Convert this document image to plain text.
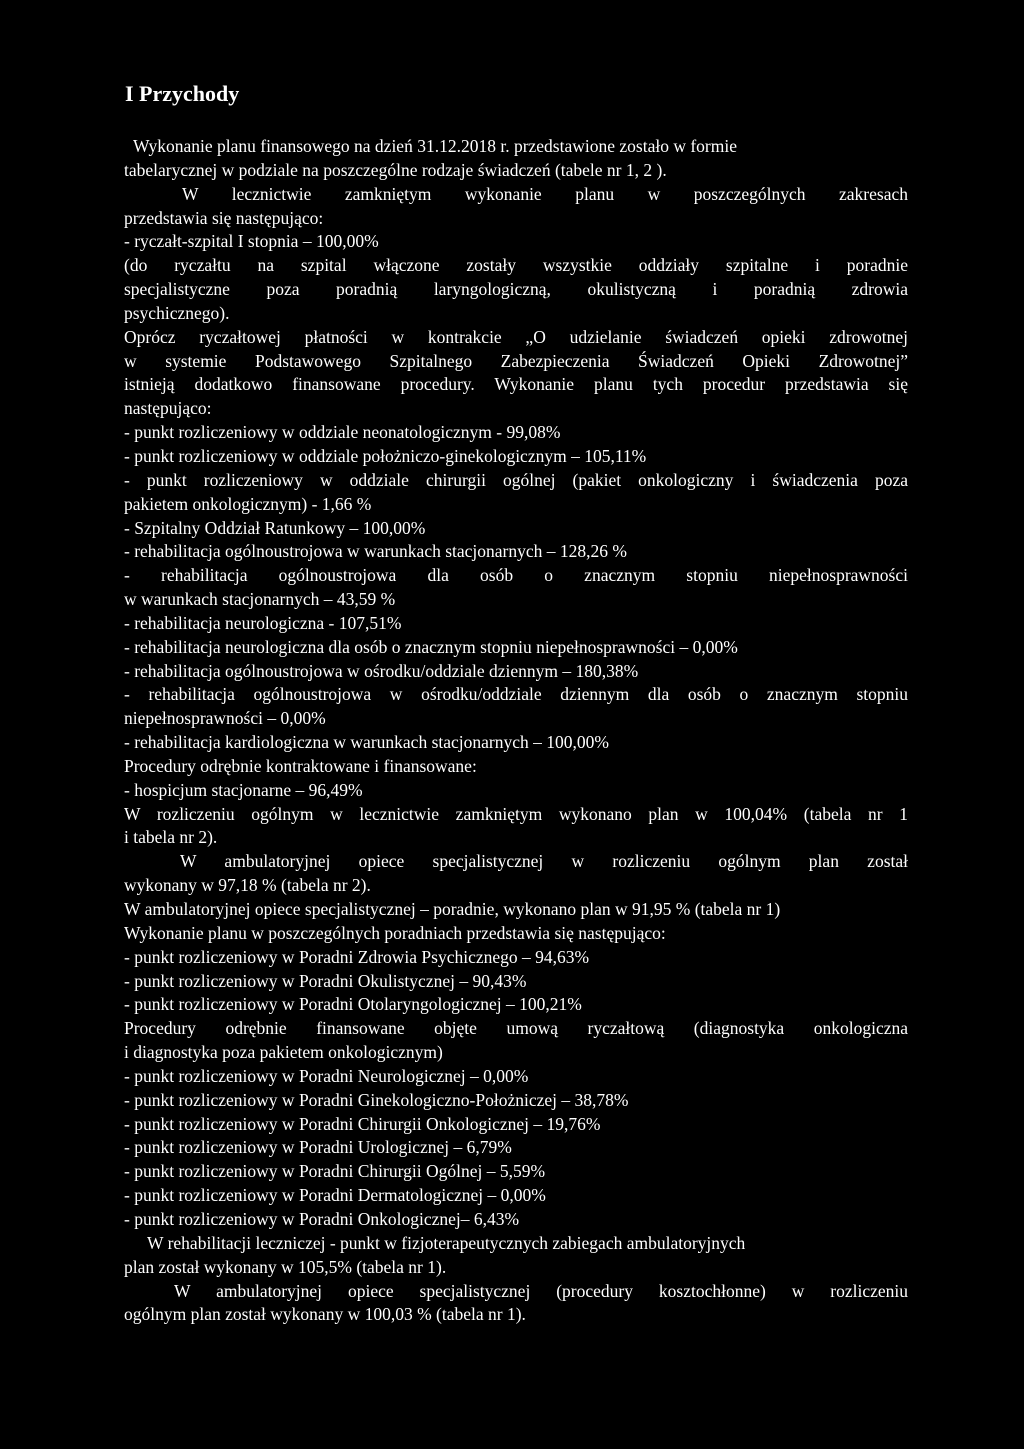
I Przychody
Wykonanie planu finansowego na dzień 31.12.2018 r. przedstawione zostało w formie
tabelarycznej w podziale na poszczególne rodzaje świadczeń (tabele nr 1, 2 ).
W lecznictwie zamkniętym wykonanie planu w poszczególnych zakresach
przedstawia się następująco:
- ryczałt-szpital I stopnia – 100,00%
(do ryczałtu na szpital włączone zostały wszystkie oddziały szpitalne i poradnie
specjalistyczne poza poradnią laryngologiczną, okulistyczną i poradnią zdrowia
psychicznego).
Oprócz ryczałtowej płatności w kontrakcie „O udzielanie świadczeń opieki zdrowotnej
w systemie Podstawowego Szpitalnego Zabezpieczenia Świadczeń Opieki Zdrowotnej”
istnieją dodatkowo finansowane procedury. Wykonanie planu tych procedur przedstawia się
następująco:
- punkt rozliczeniowy w oddziale neonatologicznym - 99,08%
- punkt rozliczeniowy w oddziale położniczo-ginekologicznym – 105,11%
- punkt rozliczeniowy w oddziale chirurgii ogólnej (pakiet onkologiczny i świadczenia poza
pakietem onkologicznym) - 1,66 %
- Szpitalny Oddział Ratunkowy – 100,00%
- rehabilitacja ogólnoustrojowa w warunkach stacjonarnych – 128,26 %
- rehabilitacja ogólnoustrojowa dla osób o znacznym stopniu niepełnosprawności
w warunkach stacjonarnych – 43,59 %
- rehabilitacja neurologiczna - 107,51%
- rehabilitacja neurologiczna dla osób o znacznym stopniu niepełnosprawności – 0,00%
- rehabilitacja ogólnoustrojowa w ośrodku/oddziale dziennym – 180,38%
- rehabilitacja ogólnoustrojowa w ośrodku/oddziale dziennym dla osób o znacznym stopniu
niepełnosprawności – 0,00%
- rehabilitacja kardiologiczna w warunkach stacjonarnych – 100,00%
Procedury odrębnie kontraktowane i finansowane:
- hospicjum stacjonarne – 96,49%
W rozliczeniu ogólnym w lecznictwie zamkniętym wykonano plan w 100,04% (tabela nr 1
i tabela nr 2).
W ambulatoryjnej opiece specjalistycznej w rozliczeniu ogólnym plan został
wykonany w 97,18 % (tabela nr 2).
W ambulatoryjnej opiece specjalistycznej – poradnie, wykonano plan w 91,95 % (tabela nr 1)
Wykonanie planu w poszczególnych poradniach przedstawia się następująco:
- punkt rozliczeniowy w Poradni Zdrowia Psychicznego – 94,63%
- punkt rozliczeniowy w Poradni Okulistycznej – 90,43%
- punkt rozliczeniowy w Poradni Otolaryngologicznej – 100,21%
Procedury odrębnie finansowane objęte umową ryczałtową (diagnostyka onkologiczna
i diagnostyka poza pakietem onkologicznym)
- punkt rozliczeniowy w Poradni Neurologicznej – 0,00%
- punkt rozliczeniowy w Poradni Ginekologiczno-Położniczej – 38,78%
- punkt rozliczeniowy w Poradni Chirurgii Onkologicznej – 19,76%
- punkt rozliczeniowy w Poradni Urologicznej – 6,79%
- punkt rozliczeniowy w Poradni Chirurgii Ogólnej – 5,59%
- punkt rozliczeniowy w Poradni Dermatologicznej – 0,00%
- punkt rozliczeniowy w Poradni Onkologicznej– 6,43%
W rehabilitacji leczniczej - punkt w fizjoterapeutycznych zabiegach ambulatoryjnych
plan został wykonany w 105,5% (tabela nr 1).
W ambulatoryjnej opiece specjalistycznej (procedury kosztochłonne) w rozliczeniu
ogólnym plan został wykonany w 100,03 % (tabela nr 1).
